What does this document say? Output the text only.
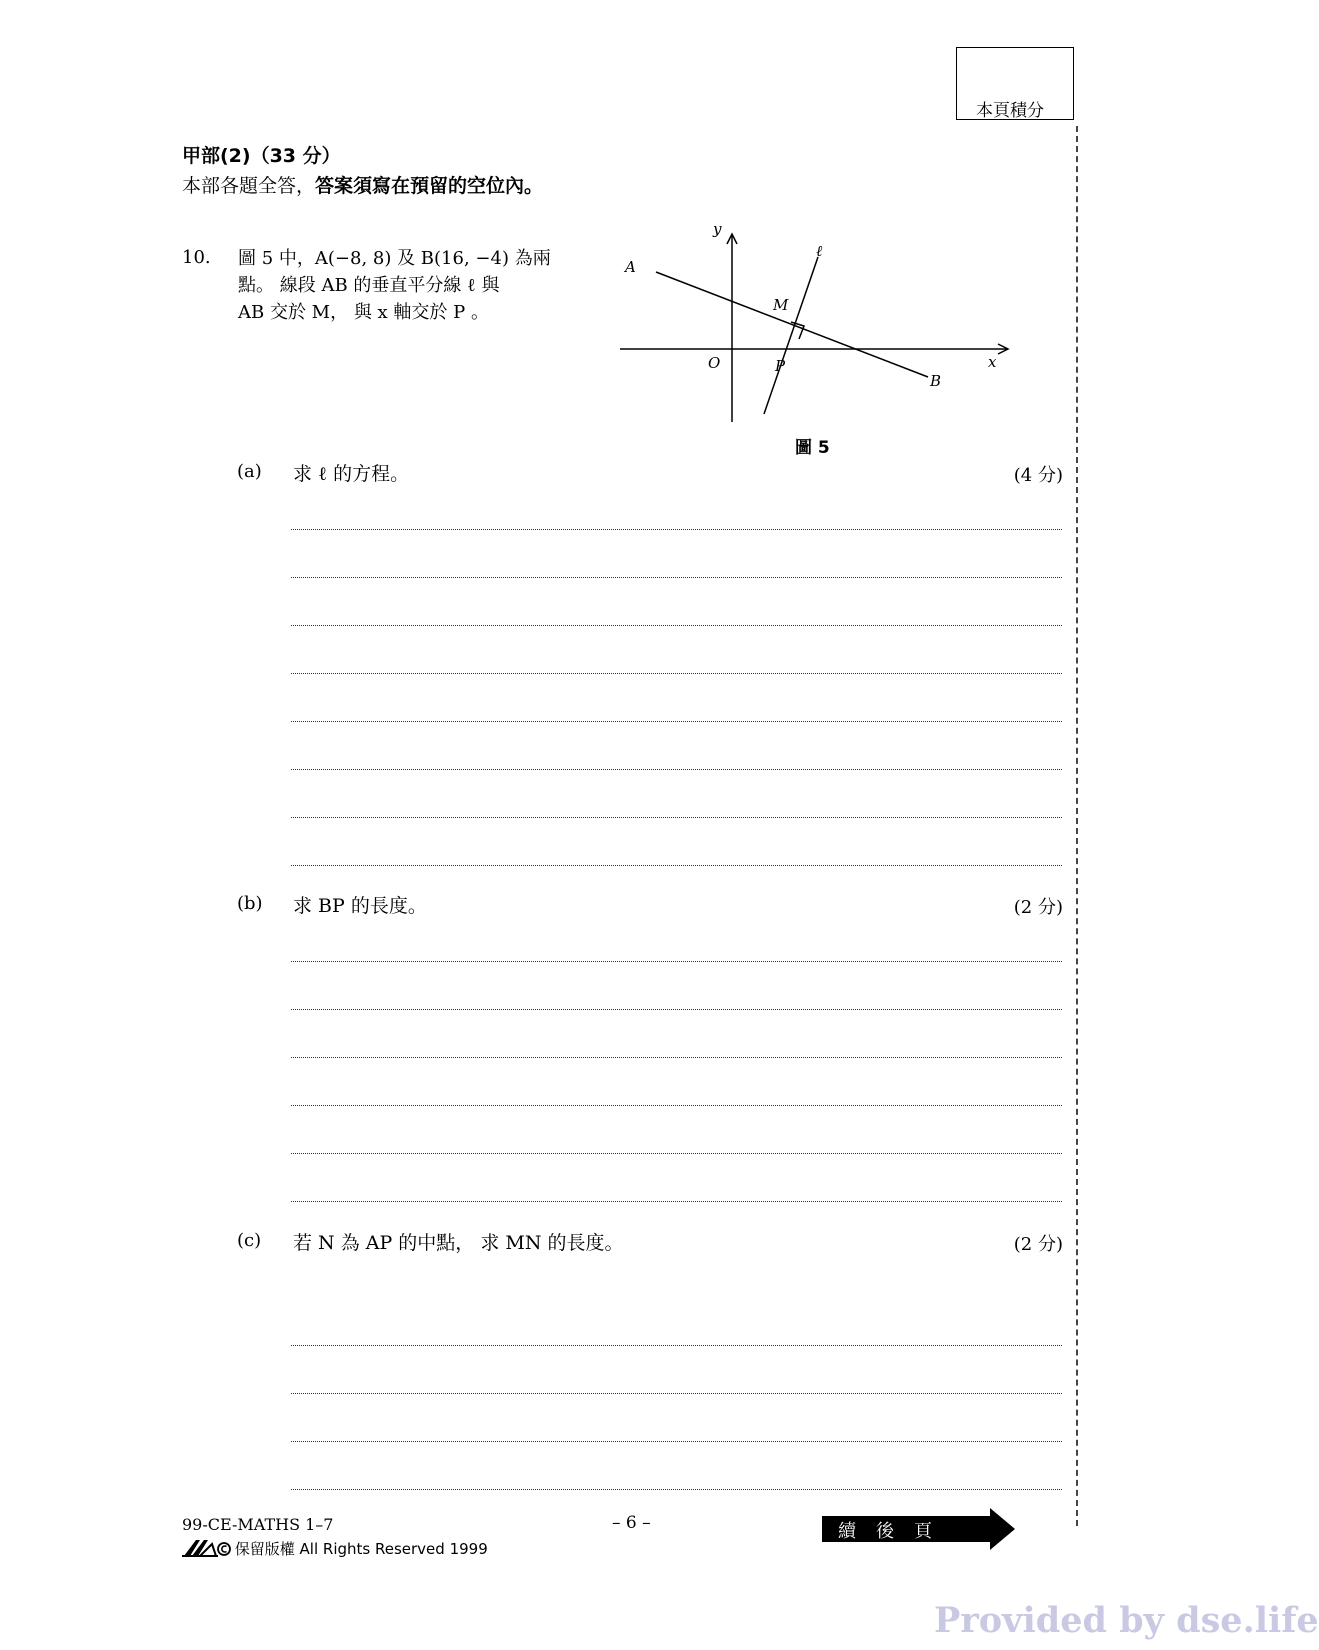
本頁積分
甲部(2)（33 分）
本部各題全答，答案須寫在預留的空位內。
10. 圖 5 中，A(−8, 8) 及 B(16, −4) 為兩
點。 線段 AB 的垂直平分線 ℓ 與
AB 交於 M， 與 x 軸交於 P 。
y
x
A
B
M
P
O
ℓ
圖 5
(a) 求 ℓ 的方程。	(4 分)
(b) 求 BP 的長度。	(2 分)
(c) 若 N 為 AP 的中點， 求 MN 的長度。	(2 分)
99-CE-MATHS 1–7	– 6 –
保留版權 All Rights Reserved 1999
續後頁
Provided by dse.life
